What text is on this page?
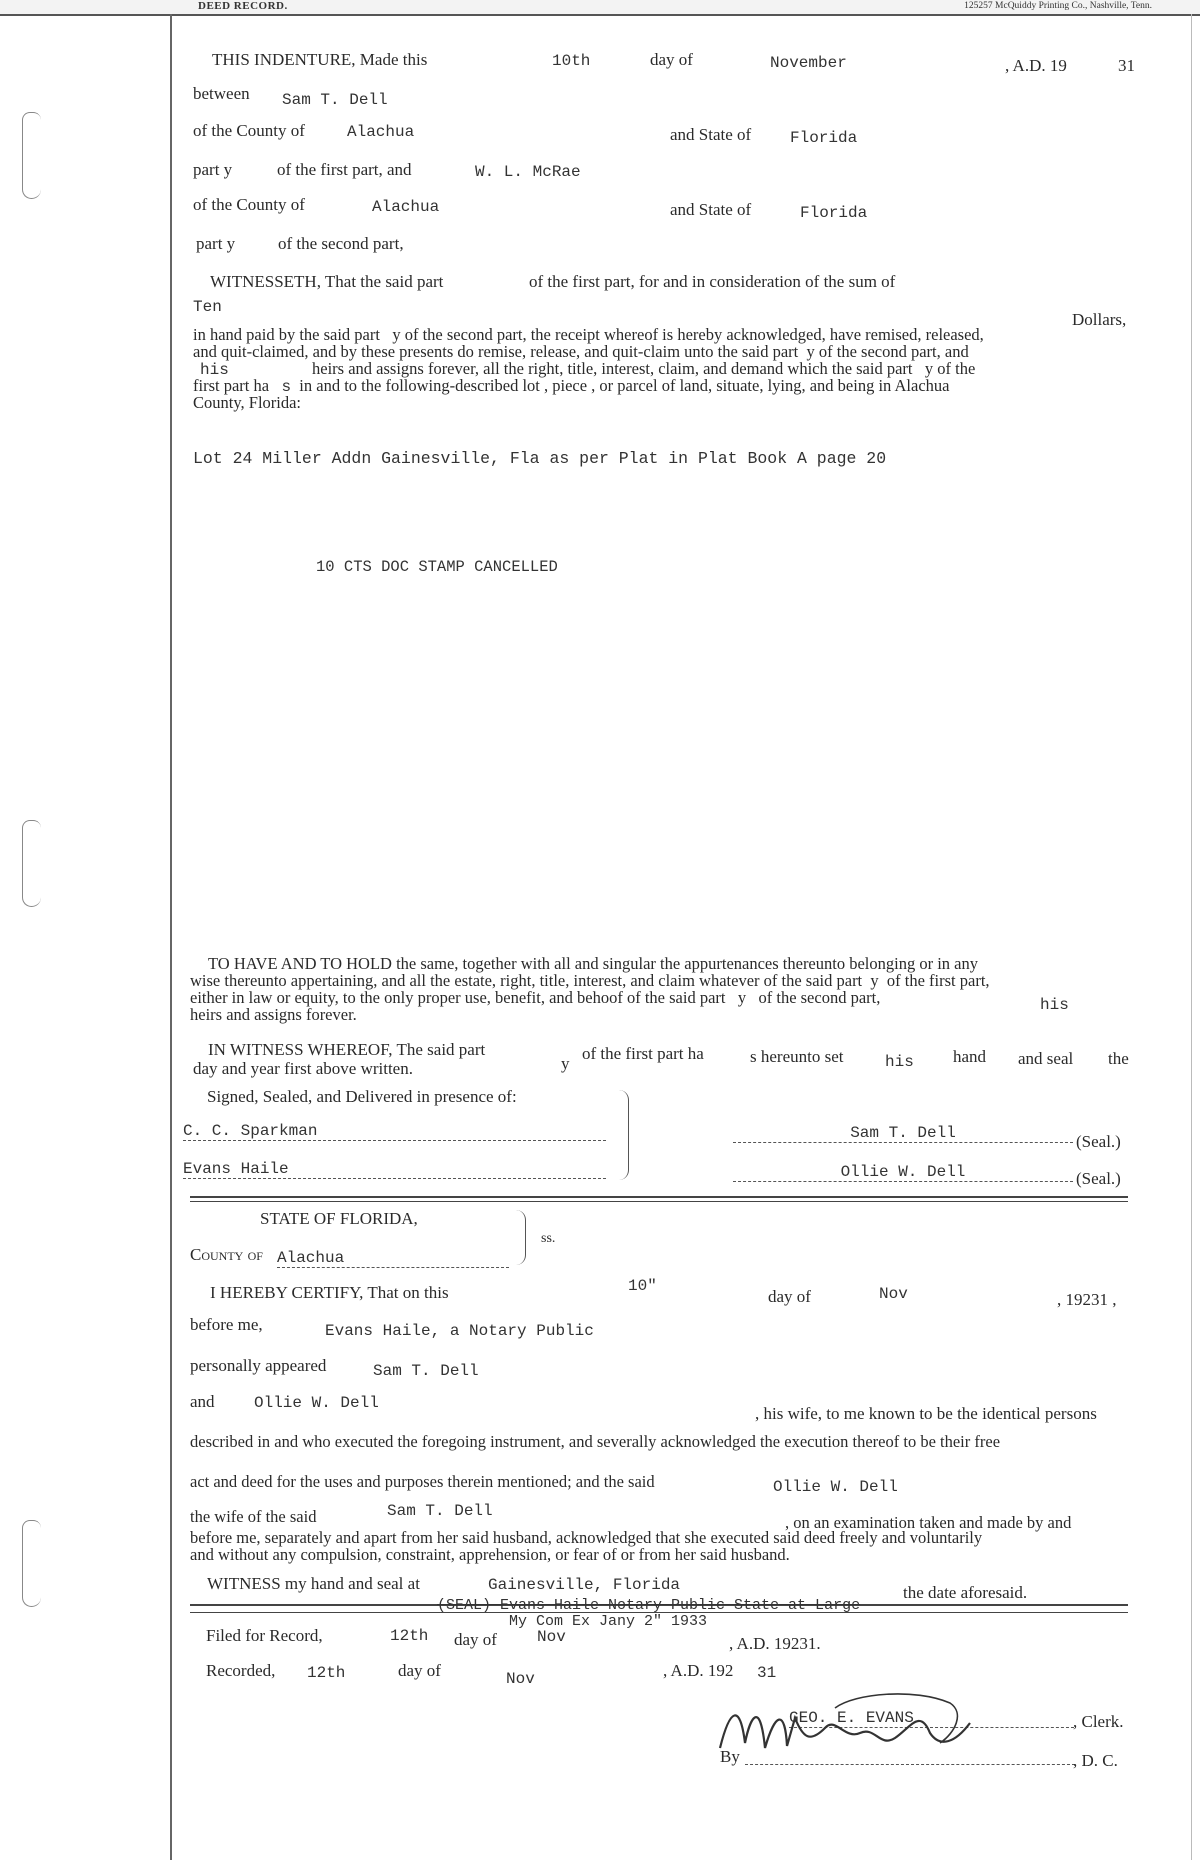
DEED RECORD.	125257 McQuiddy Printing Co., Nashville, Tenn.
THIS INDENTURE, Made this	10th	day of	November	, A.D. 19	31
between Sam T. Dell
of the County of	Alachua	and State of Florida
part y	of the first part, and	W. L. McRae
of the County of	Alachua	and State of	Florida
part y	of the second part,
WITNESSETH, That the said part	of the first part, for and in consideration of the sum of
Ten
Dollars,
in hand paid by the said part y of the second part, the receipt whereof is hereby acknowledged, have remised, released,
and quit-claimed, and by these presents do remise, release, and quit-claim unto the said part y of the second part, and
his	heirs and assigns forever, all the right, title, interest, claim, and demand which the said part y of the
first part ha s in and to the following-described lot , piece , or parcel of land, situate, lying, and being in Alachua
County, Florida:
Lot 24 Miller Addn Gainesville, Fla as per Plat in Plat Book A page 20
10 CTS DOC STAMP CANCELLED
TO HAVE AND TO HOLD the same, together with all and singular the appurtenances thereunto belonging or in any
wise thereunto appertaining, and all the estate, right, title, interest, and claim whatever of the said part y of the first part,
either in law or equity, to the only proper use, benefit, and behoof of the said part y of the second part,	his
heirs and assigns forever.
IN WITNESS WHEREOF, The said part
y
of the first part ha	s hereunto set	his hand and seal the
day and year first above written.
Signed, Sealed, and Delivered in presence of:
C. C. Sparkman
Evans Haile
Sam T. Dell	(Seal.)
Ollie W. Dell	(Seal.)
STATE OF FLORIDA,
ss.
County of Alachua
I HEREBY CERTIFY, That on this	10"
day of	Nov	, 19231 ,
before me,	Evans Haile, a Notary Public
personally appeared	Sam T. Dell
and Ollie W. Dell
, his wife, to me known to be the identical persons
described in and who executed the foregoing instrument, and severally acknowledged the execution thereof to be their free
act and deed for the uses and purposes therein mentioned; and the said	Ollie W. Dell
the wife of the said	Sam T. Dell
, on an examination taken and made by and
before me, separately and apart from her said husband, acknowledged that she executed said deed freely and voluntarily
and without any compulsion, constraint, apprehension, or fear of or from her said husband.
WITNESS my hand and seal at	Gainesville, Florida	the date aforesaid.
(SEAL) Evans Haile Notary Public State at Large
My Com Ex Jany 2" 1933
Filed for Record,	12th day of	Nov	, A.D. 19231.
Recorded, 12th	day of	Nov	, A.D. 192 31
GEO. E. EVANS	, Clerk.
By	, D. C.
